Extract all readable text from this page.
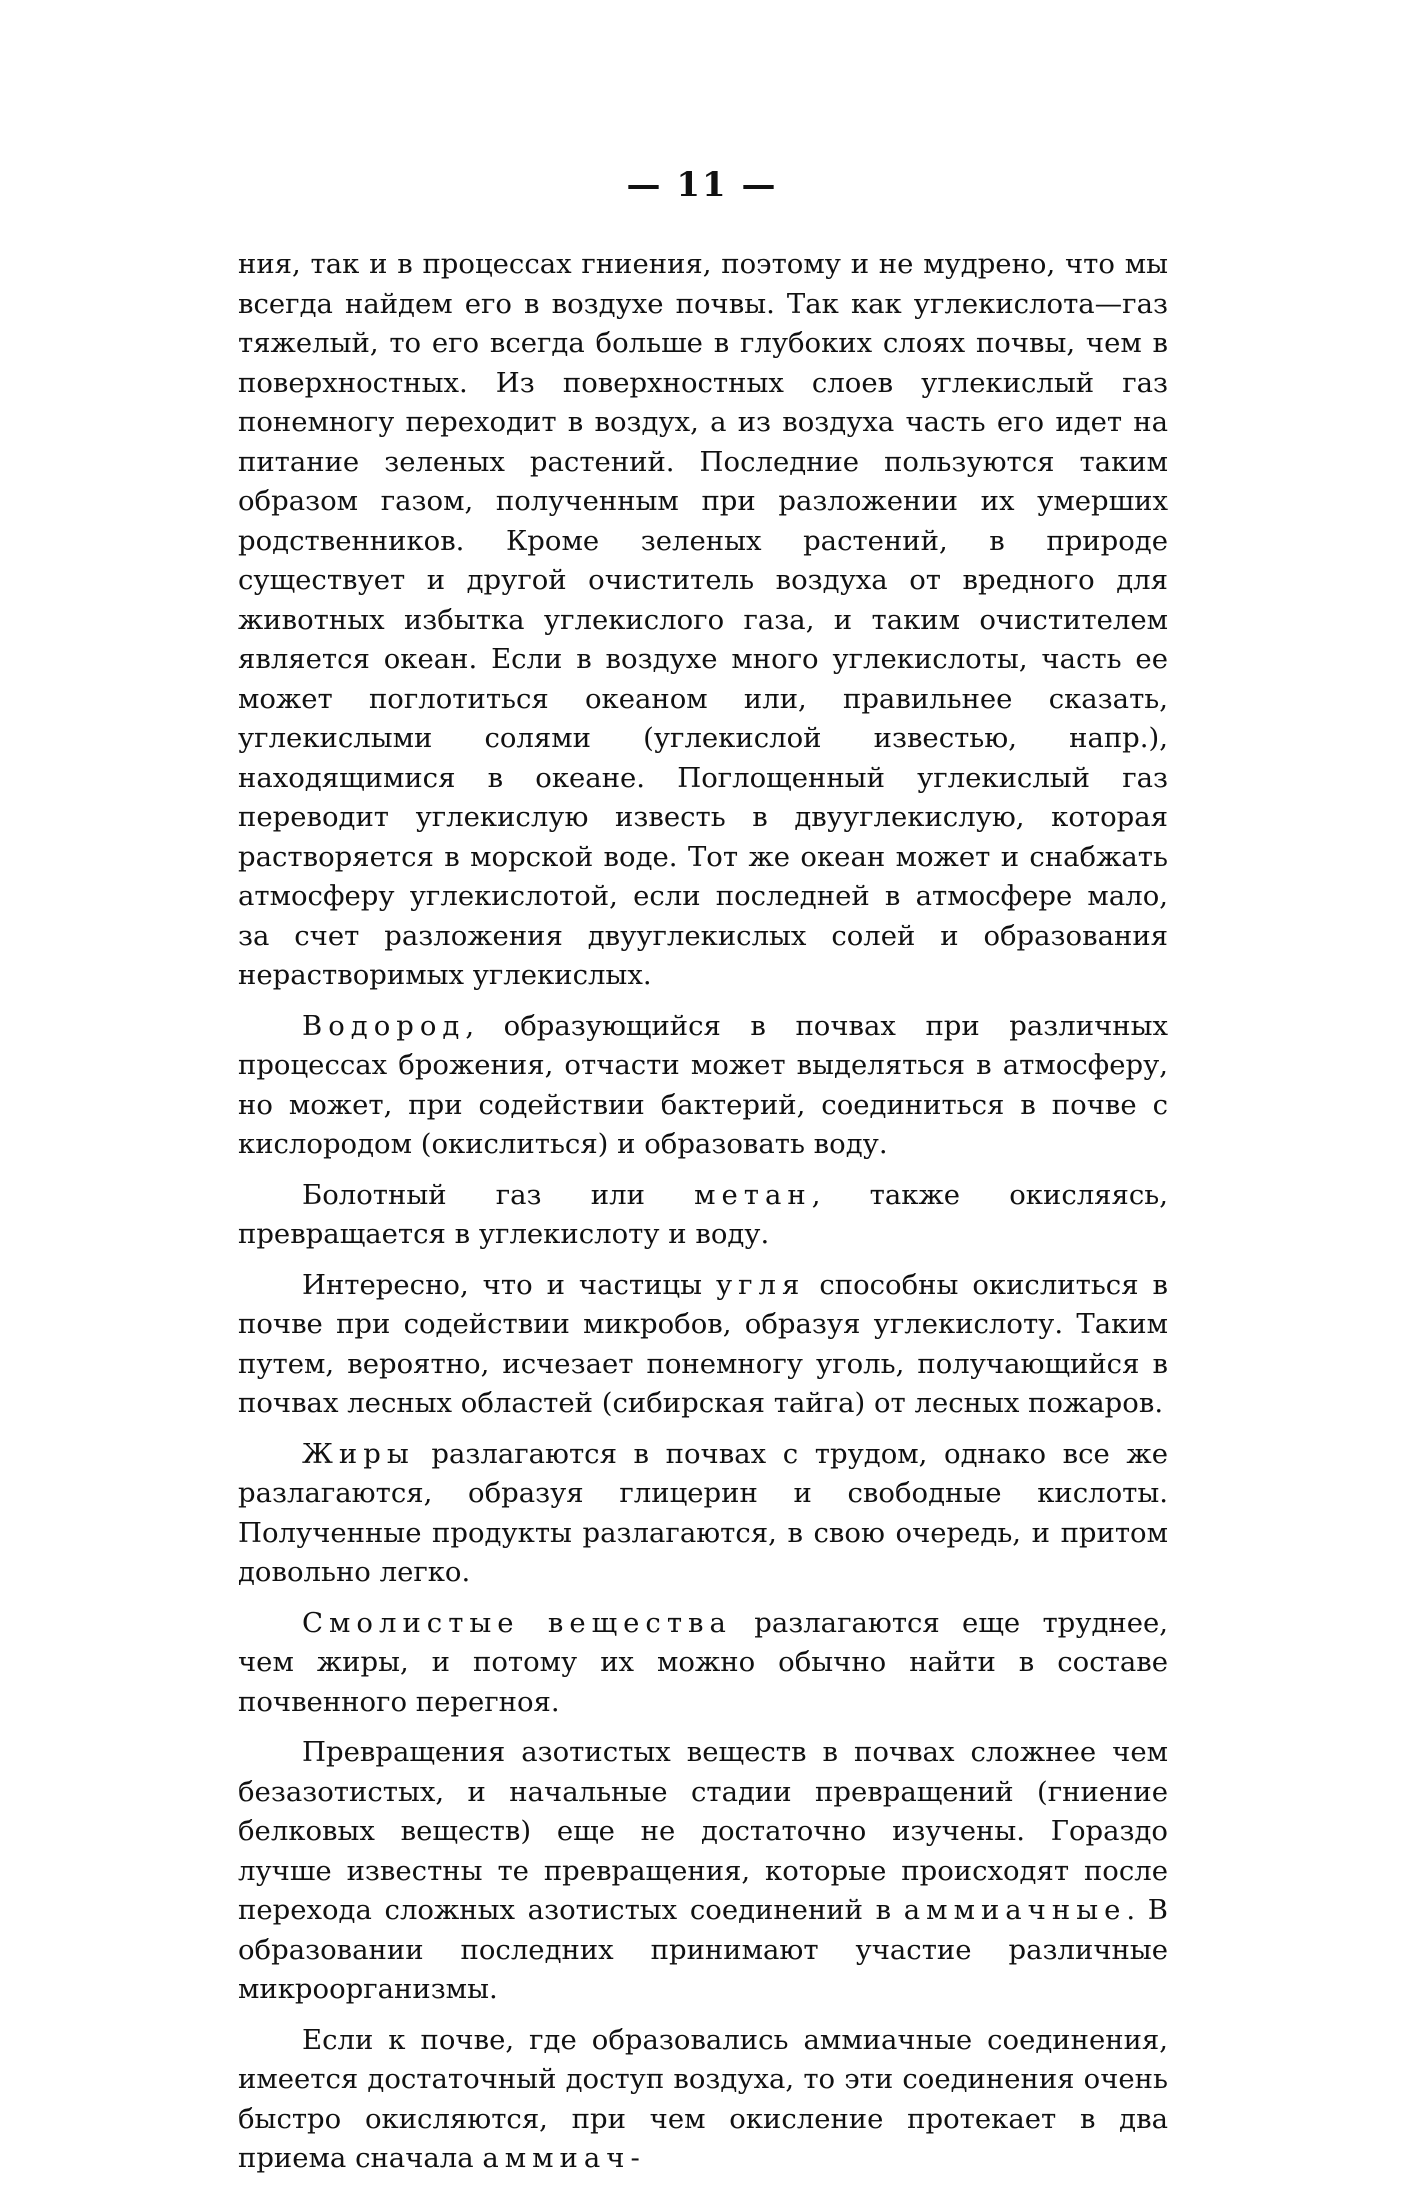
— 11 —

ния, так и в процессах гниения, поэтому и не мудрено, что мы всегда найдем его в воздухе почвы. Так как углекислота—газ тяжелый, то его всегда больше в глубоких слоях почвы, чем в поверхностных. Из поверхностных слоев углекислый газ понемногу переходит в воздух, а из воздуха часть его идет на питание зеленых растений. Последние пользуются таким образом газом, полученным при разложении их умерших родственников. Кроме зеленых растений, в природе существует и другой очиститель воздуха от вредного для животных избытка углекислого газа, и таким очистителем является океан. Если в воздухе много углекислоты, часть ее может поглотиться океаном или, правильнее сказать, углекислыми солями (углекислой известью, напр.), находящимися в океане. Поглощенный углекислый газ переводит углекислую известь в двууглекислую, которая растворяется в морской воде. Тот же океан может и снабжать атмосферу углекислотой, если последней в атмосфере мало, за счет разложения двууглекислых солей и образования нерастворимых углекислых.

Водород, образующийся в почвах при различных процессах брожения, отчасти может выделяться в атмосферу, но может, при содействии бактерий, соединиться в почве с кислородом (окислиться) и образовать воду.

Болотный газ или метан, также окисляясь, превращается в углекислоту и воду.

Интересно, что и частицы угля способны окислиться в почве при содействии микробов, образуя углекислоту. Таким путем, вероятно, исчезает понемногу уголь, получающийся в почвах лесных областей (сибирская тайга) от лесных пожаров.

Жиры разлагаются в почвах с трудом, однако все же разлагаются, образуя глицерин и свободные кислоты. Полученные продукты разлагаются, в свою очередь, и притом довольно легко.

Смолистые вещества разлагаются еще труднее, чем жиры, и потому их можно обычно найти в составе почвенного перегноя.

Превращения азотистых веществ в почвах сложнее чем безазотистых, и начальные стадии превращений (гниение белковых веществ) еще не достаточно изучены. Гораздо лучше известны те превращения, которые происходят после перехода сложных азотистых соединений в аммиачные. В образовании последних принимают участие различные микроорганизмы.

Если к почве, где образовались аммиачные соединения, имеется достаточный доступ воздуха, то эти соединения очень быстро окисляются, при чем окисление протекает в два приема сначала аммиач-
